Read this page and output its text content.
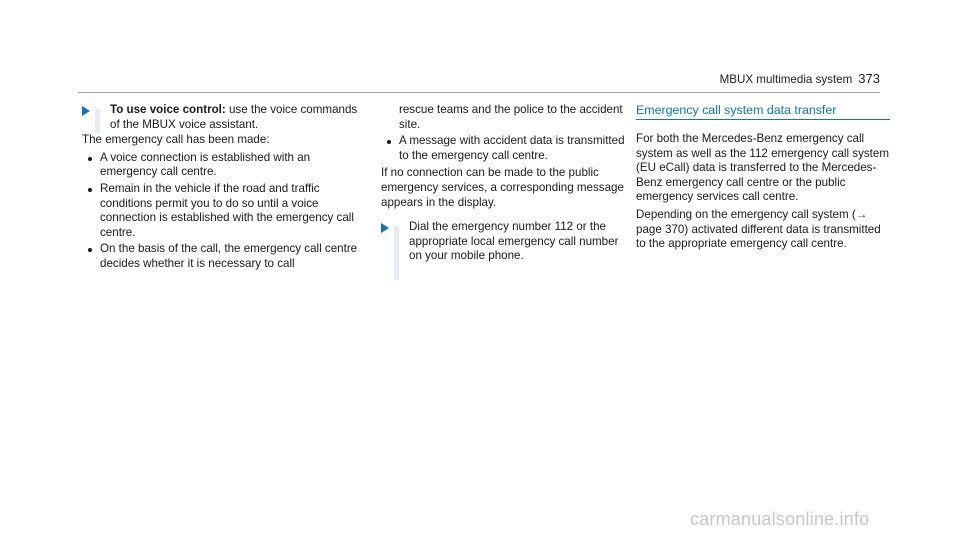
MBUX multimedia system 373
To use voice control: use the voice commands of the MBUX voice assistant.

The emergency call has been made:

A voice connection is established with an emergency call centre.
Remain in the vehicle if the road and traffic conditions permit you to do so until a voice connection is established with the emergency call centre.
On the basis of the call, the emergency call centre decides whether it is necessary to call
rescue teams and the police to the accident site.
A message with accident data is transmitted to the emergency call centre.

If no connection can be made to the public emergency services, a corresponding message appears in the display.

Dial the emergency number 112 or the appropriate local emergency call number on your mobile phone.
Emergency call system data transfer

For both the Mercedes-Benz emergency call system as well as the 112 emergency call system (EU eCall) data is transferred to the Mercedes-Benz emergency call centre or the public emergency services call centre.

Depending on the emergency call system (→ page 370) activated different data is transmitted to the appropriate emergency call centre.

carmanualsonline.info
